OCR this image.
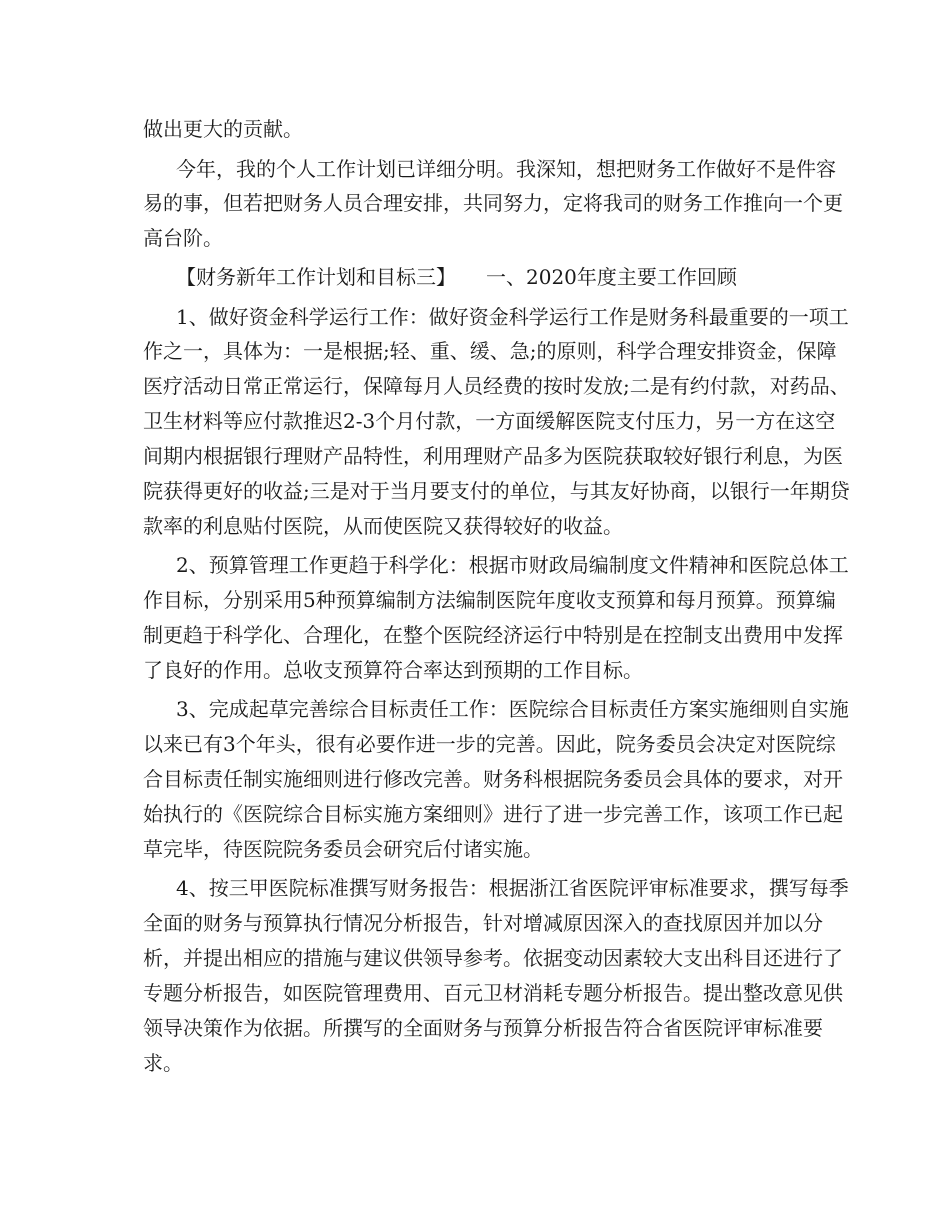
做出更大的贡献。

今年，我的个人工作计划已详细分明。我深知，想把财务工作做好不是件容

易的事，但若把财务人员合理安排，共同努力，定将我司的财务工作推向一个更

高台阶。

【财务新年工作计划和目标三】　　一、2020年度主要工作回顾

1、做好资金科学运行工作：做好资金科学运行工作是财务科最重要的一项工

作之一，具体为：一是根据;轻、重、缓、急;的原则，科学合理安排资金，保障

医疗活动日常正常运行，保障每月人员经费的按时发放;二是有约付款，对药品、

卫生材料等应付款推迟2-3个月付款，一方面缓解医院支付压力，另一方在这空

间期内根据银行理财产品特性，利用理财产品多为医院获取较好银行利息，为医

院获得更好的收益;三是对于当月要支付的单位，与其友好协商，以银行一年期贷

款率的利息贴付医院，从而使医院又获得较好的收益。

2、预算管理工作更趋于科学化：根据市财政局编制度文件精神和医院总体工

作目标，分别采用5种预算编制方法编制医院年度收支预算和每月预算。预算编

制更趋于科学化、合理化，在整个医院经济运行中特别是在控制支出费用中发挥

了良好的作用。总收支预算符合率达到预期的工作目标。

3、完成起草完善综合目标责任工作：医院综合目标责任方案实施细则自实施

以来已有3个年头，很有必要作进一步的完善。因此，院务委员会决定对医院综

合目标责任制实施细则进行修改完善。财务科根据院务委员会具体的要求，对开

始执行的《医院综合目标实施方案细则》进行了进一步完善工作，该项工作已起

草完毕，待医院院务委员会研究后付诸实施。

4、按三甲医院标准撰写财务报告：根据浙江省医院评审标准要求，撰写每季

全面的财务与预算执行情况分析报告，针对增减原因深入的查找原因并加以分

析，并提出相应的措施与建议供领导参考。依据变动因素较大支出科目还进行了

专题分析报告，如医院管理费用、百元卫材消耗专题分析报告。提出整改意见供

领导决策作为依据。所撰写的全面财务与预算分析报告符合省医院评审标准要

求。
